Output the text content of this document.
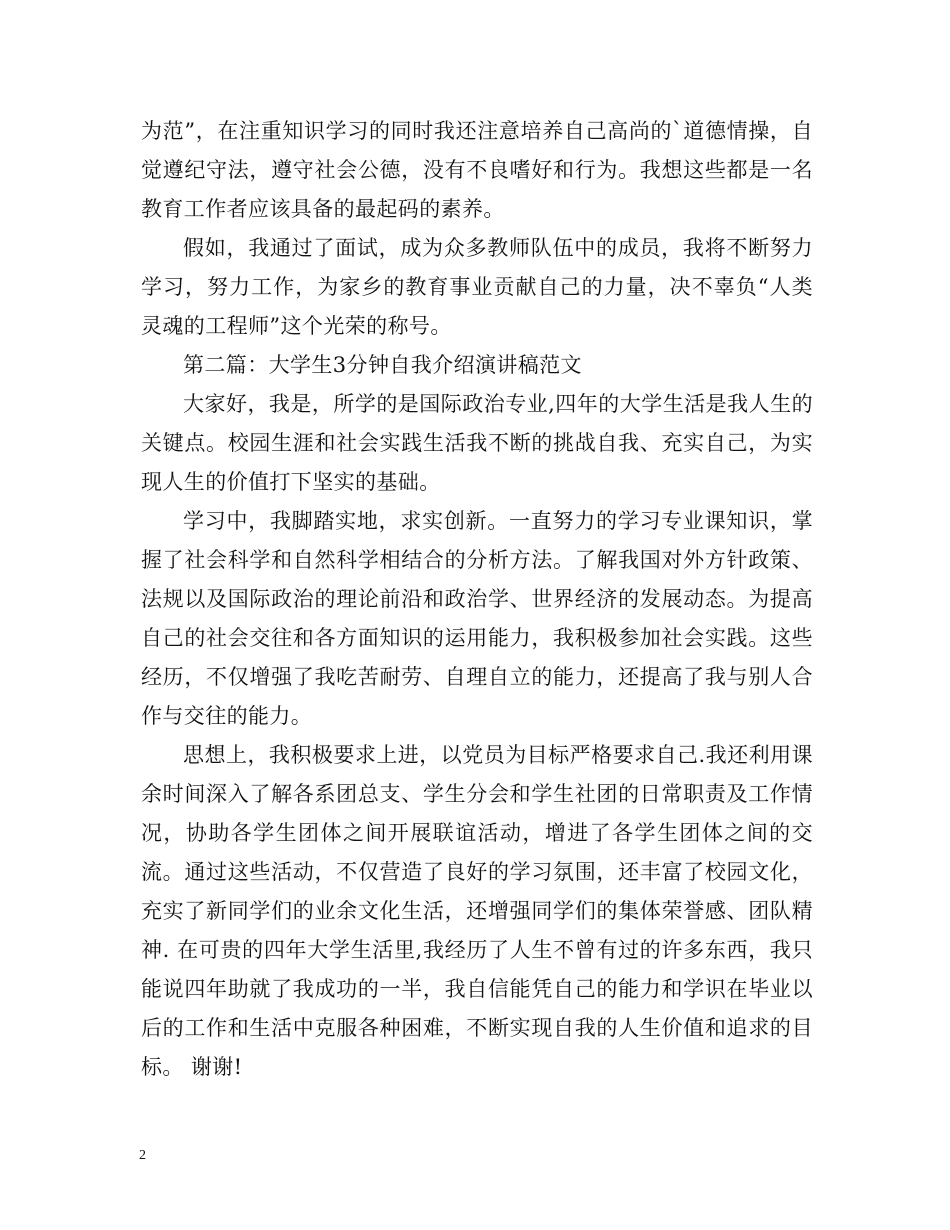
为范”，在注重知识学习的同时我还注意培养自己高尚的`道德情操，自觉遵纪守法，遵守社会公德，没有不良嗜好和行为。我想这些都是一名教育工作者应该具备的最起码的素养。

假如，我通过了面试，成为众多教师队伍中的成员，我将不断努力学习，努力工作，为家乡的教育事业贡献自己的力量，决不辜负“人类灵魂的工程师”这个光荣的称号。

第二篇：大学生3分钟自我介绍演讲稿范文

大家好，我是，所学的是国际政治专业,四年的大学生活是我人生的关键点。校园生涯和社会实践生活我不断的挑战自我、充实自己，为实现人生的价值打下坚实的基础。

学习中，我脚踏实地，求实创新。一直努力的学习专业课知识，掌握了社会科学和自然科学相结合的分析方法。了解我国对外方针政策、法规以及国际政治的理论前沿和政治学、世界经济的发展动态。为提高自己的社会交往和各方面知识的运用能力，我积极参加社会实践。这些经历，不仅增强了我吃苦耐劳、自理自立的能力，还提高了我与别人合作与交往的能力。

思想上，我积极要求上进，以党员为目标严格要求自己.我还利用课余时间深入了解各系团总支、学生分会和学生社团的日常职责及工作情况，协助各学生团体之间开展联谊活动，增进了各学生团体之间的交流。通过这些活动，不仅营造了良好的学习氛围，还丰富了校园文化，充实了新同学们的业余文化生活，还增强同学们的集体荣誉感、团队精神. 在可贵的四年大学生活里,我经历了人生不曾有过的许多东西，我只能说四年助就了我成功的一半，我自信能凭自己的能力和学识在毕业以后的工作和生活中克服各种困难，不断实现自我的人生价值和追求的目标。 谢谢!

2
